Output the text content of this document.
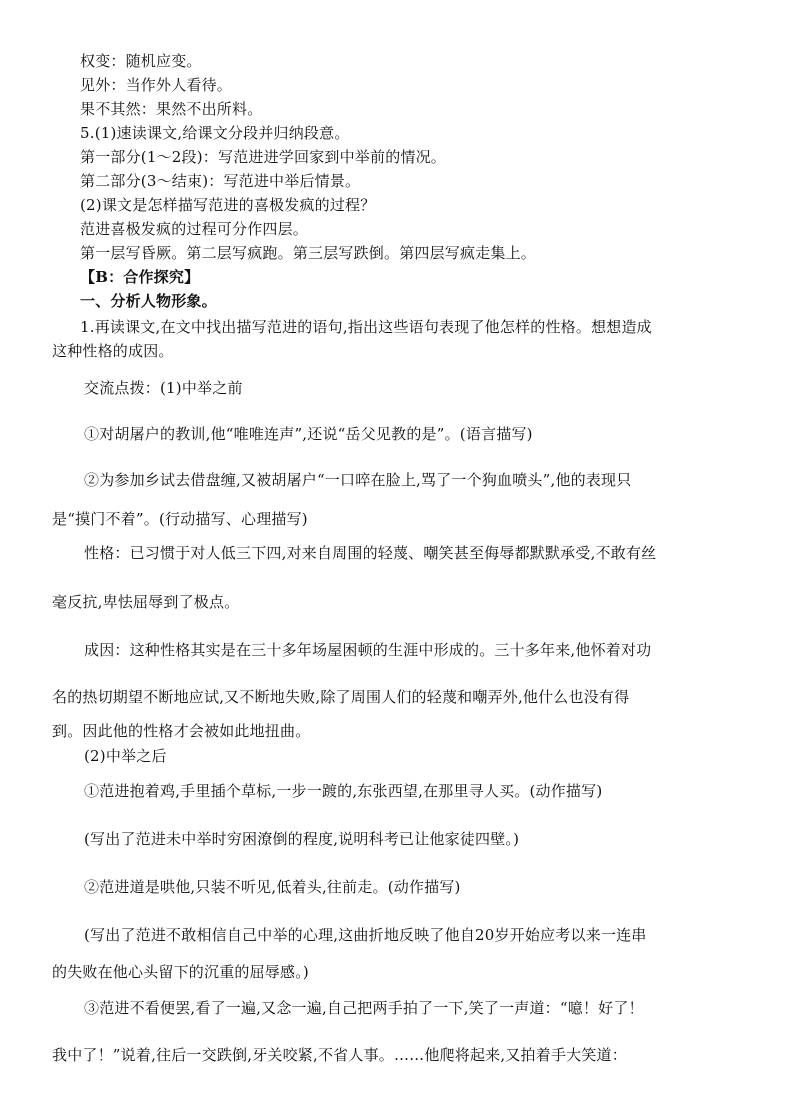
权变：随机应变。
见外：当作外人看待。
果不其然：果然不出所料。
5.(1)速读课文,给课文分段并归纳段意。
第一部分(1～2段)：写范进进学回家到中举前的情况。
第二部分(3～结束)：写范进中举后情景。
(2)课文是怎样描写范进的喜极发疯的过程？
范进喜极发疯的过程可分作四层。
第一层写昏厥。第二层写疯跑。第三层写跌倒。第四层写疯走集上。
【B：合作探究】
一、分析人物形象。
1.再读课文,在文中找出描写范进的语句,指出这些语句表现了他怎样的性格。想想造成
这种性格的成因。
交流点拨：(1)中举之前
①对胡屠户的教训,他“唯唯连声”,还说“岳父见教的是”。(语言描写)
②为参加乡试去借盘缠,又被胡屠户“一口啐在脸上,骂了一个狗血喷头”,他的表现只
是“摸门不着”。(行动描写、心理描写)
性格：已习惯于对人低三下四,对来自周围的轻蔑、嘲笑甚至侮辱都默默承受,不敢有丝
毫反抗,卑怯屈辱到了极点。
成因：这种性格其实是在三十多年场屋困顿的生涯中形成的。三十多年来,他怀着对功
名的热切期望不断地应试,又不断地失败,除了周围人们的轻蔑和嘲弄外,他什么也没有得
到。因此他的性格才会被如此地扭曲。
(2)中举之后
①范进抱着鸡,手里插个草标,一步一踱的,东张西望,在那里寻人买。(动作描写)
(写出了范进未中举时穷困潦倒的程度,说明科考已让他家徒四壁。)
②范进道是哄他,只装不听见,低着头,往前走。(动作描写)
(写出了范进不敢相信自己中举的心理,这曲折地反映了他自20岁开始应考以来一连串
的失败在他心头留下的沉重的屈辱感。)
③范进不看便罢,看了一遍,又念一遍,自己把两手拍了一下,笑了一声道：“噫！好了！
我中了！”说着,往后一交跌倒,牙关咬紧,不省人事。……他爬将起来,又拍着手大笑道：
